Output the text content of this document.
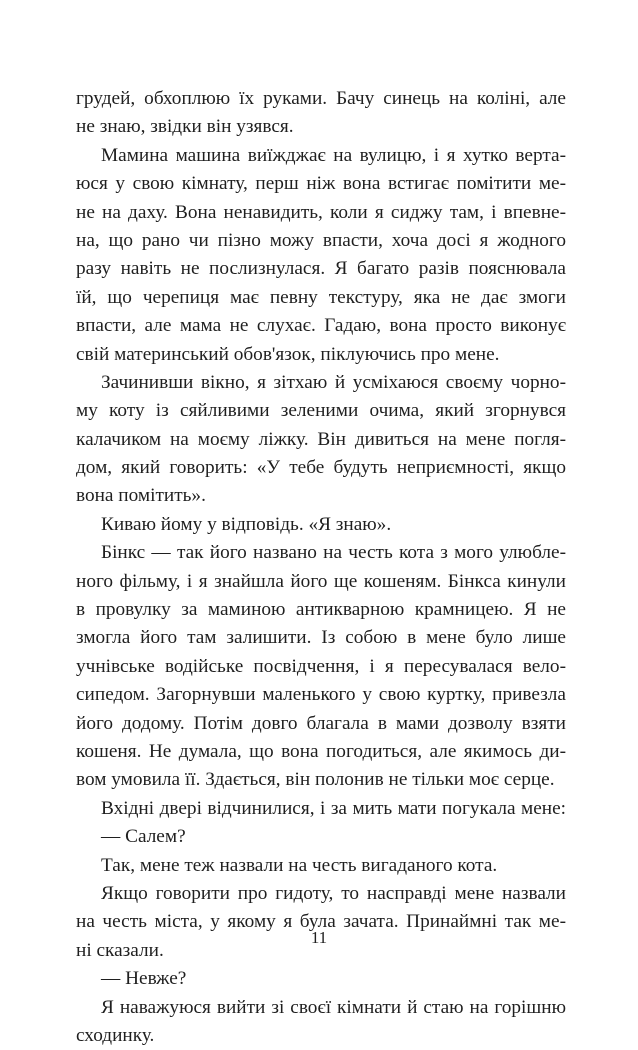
грудей, обхоплюю їх руками. Бачу синець на коліні, але
не знаю, звідки він узявся.
Мамина машина виїжджає на вулицю, і я хутко верта-
юся у свою кімнату, перш ніж вона встигає помітити ме-
не на даху. Вона ненавидить, коли я сиджу там, і впевне-
на, що рано чи пізно можу впасти, хоча досі я жодного
разу навіть не послизнулася. Я багато разів пояснювала
їй, що черепиця має певну текстуру, яка не дає змоги
впасти, але мама не слухає. Гадаю, вона просто виконує
свій материнський обов'язок, піклуючись про мене.
Зачинивши вікно, я зітхаю й усміхаюся своєму чорно-
му коту із сяйливими зеленими очима, який згорнувся
калачиком на моєму ліжку. Він дивиться на мене погля-
дом, який говорить: «У тебе будуть неприємності, якщо
вона помітить».
Киваю йому у відповідь. «Я знаю».
Бінкс — так його названо на честь кота з мого улюбле-
ного фільму, і я знайшла його ще кошеням. Бінкса кинули
в провулку за маминою антикварною крамницею. Я не
змогла його там залишити. Із собою в мене було лише
учнівське водійське посвідчення, і я пересувалася вело-
сипедом. Загорнувши маленького у свою куртку, привезла
його додому. Потім довго благала в мами дозволу взяти
кошеня. Не думала, що вона погодиться, але якимось ди-
вом умовила її. Здається, він полонив не тільки моє серце.
Вхідні двері відчинилися, і за мить мати погукала мене:
— Салем?
Так, мене теж назвали на честь вигаданого кота.
Якщо говорити про гидоту, то насправді мене назвали
на честь міста, у якому я була зачата. Принаймні так ме-
ні сказали.
— Невже?
Я наважуюся вийти зі своєї кімнати й стаю на горішню
сходинку.
11
